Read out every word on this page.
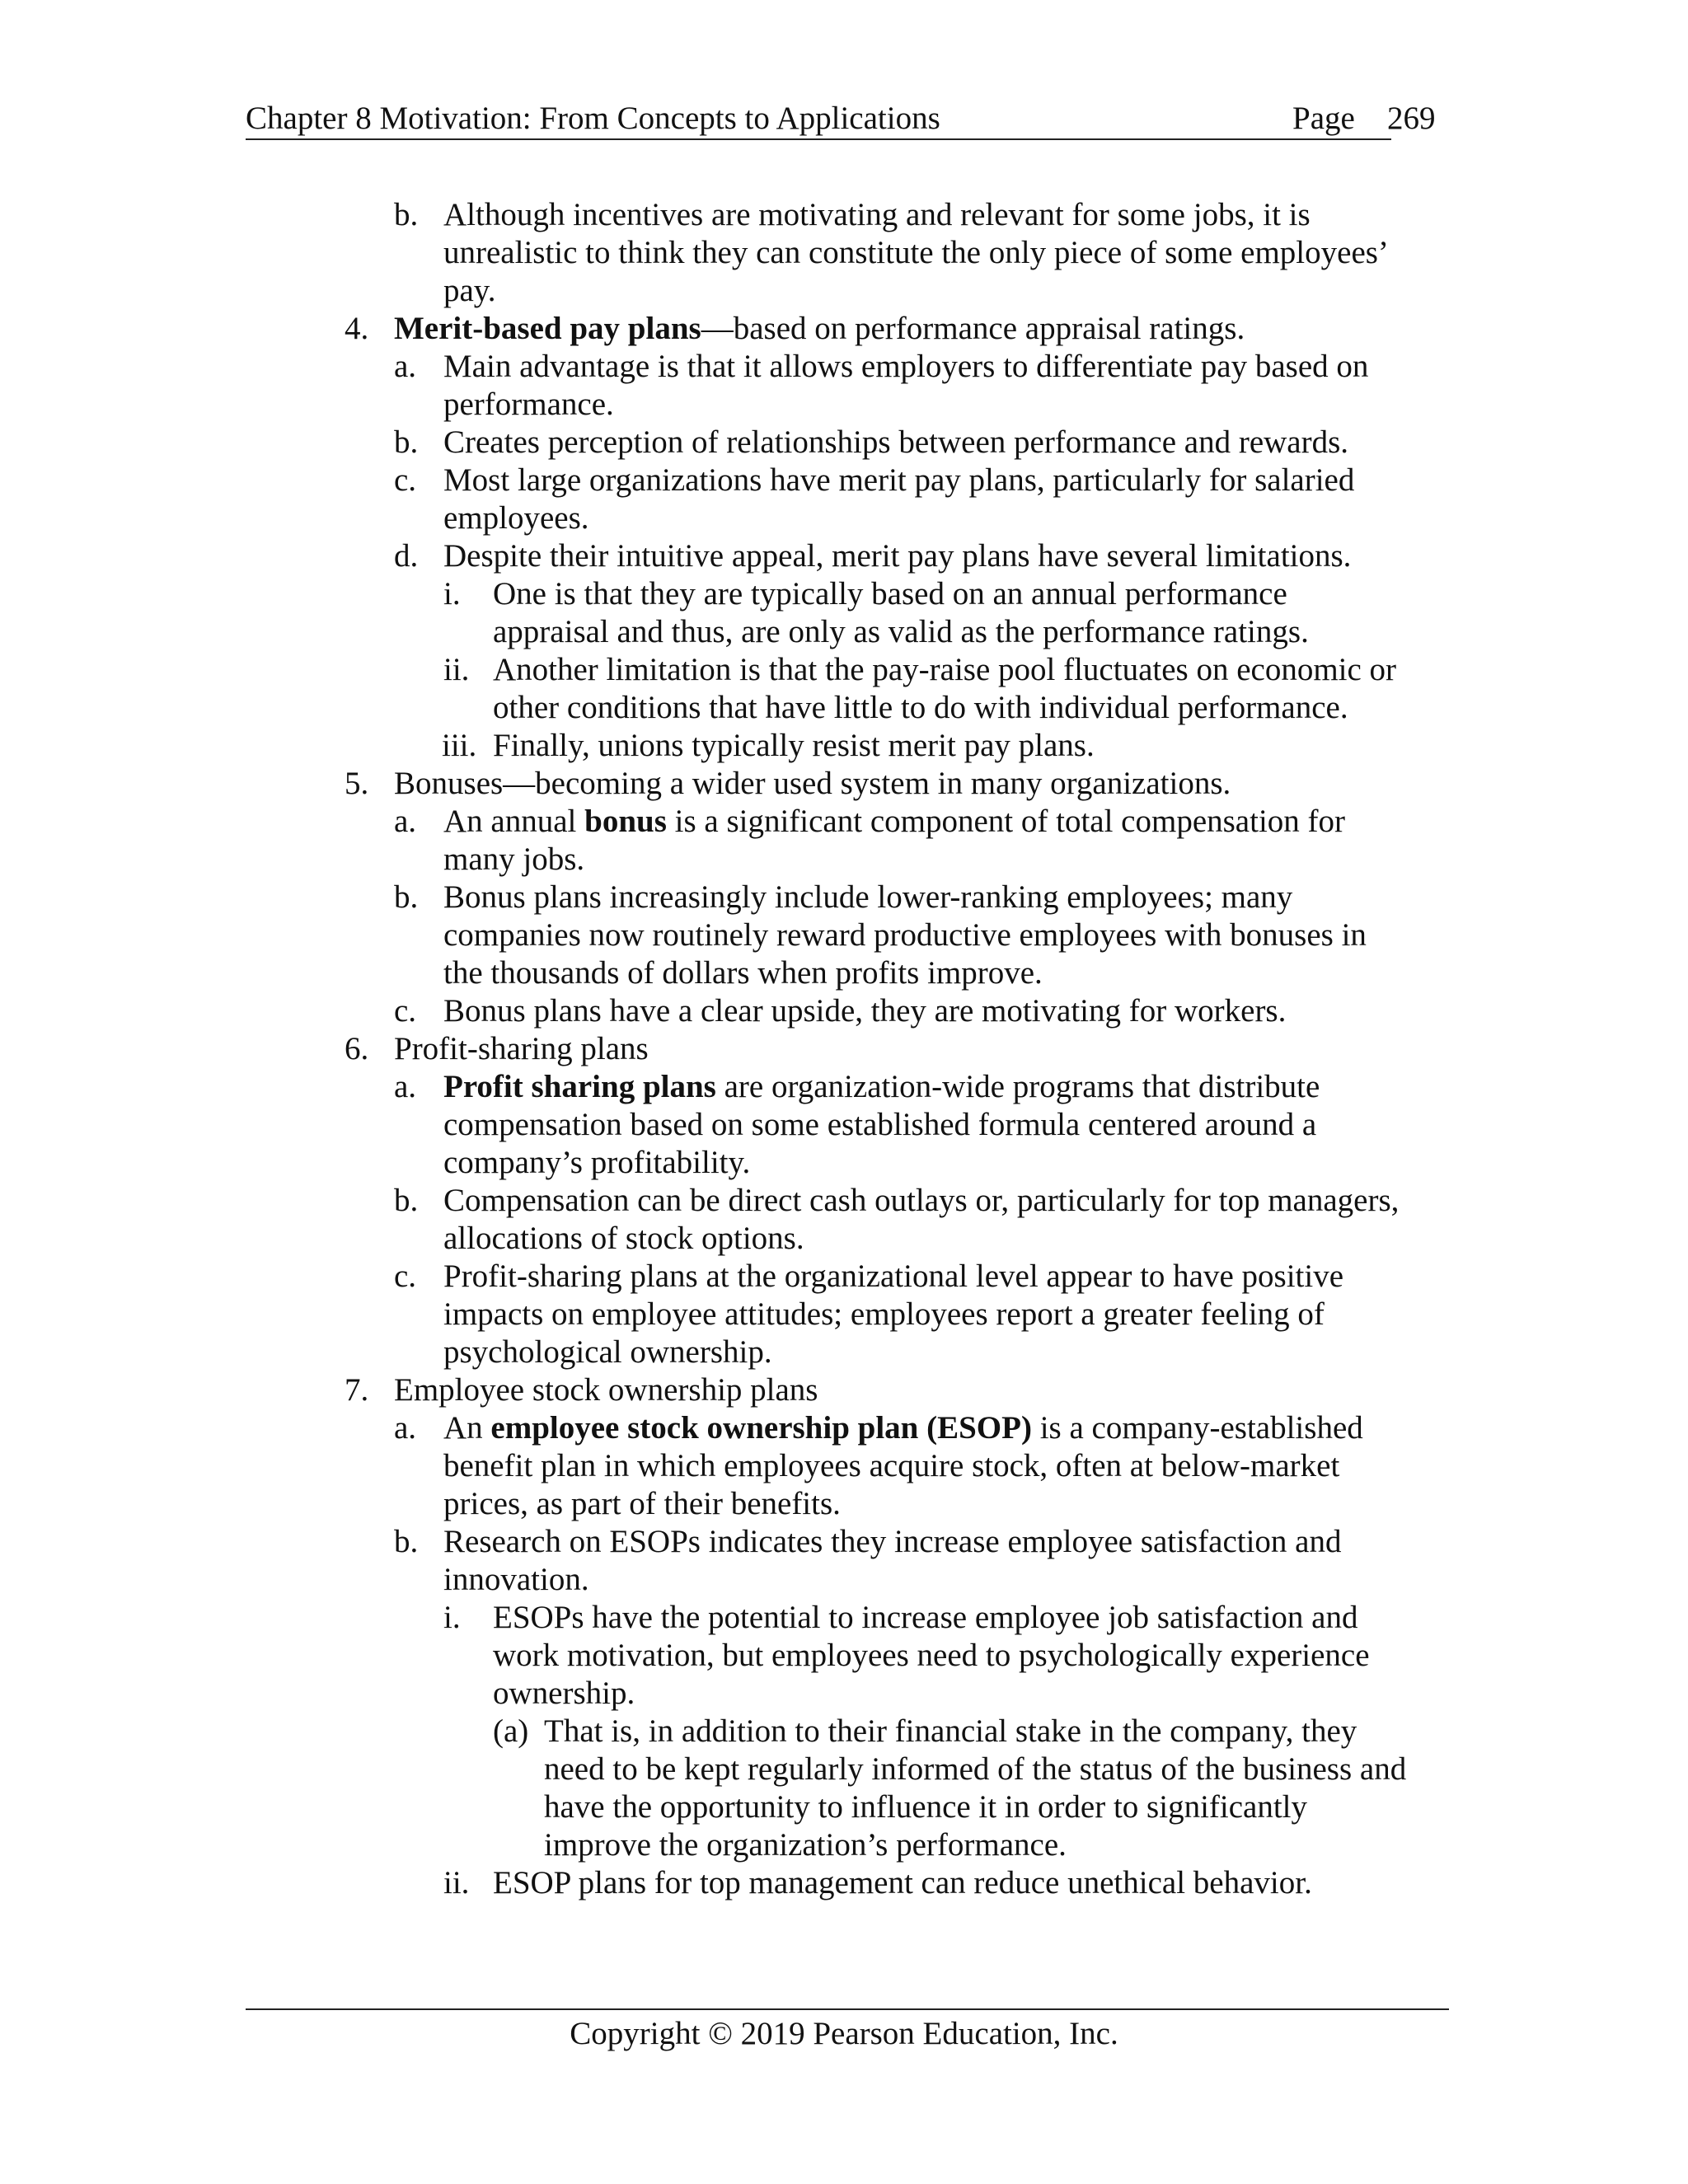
Chapter 8 Motivation: From Concepts to Applications	Page 269
b. Although incentives are motivating and relevant for some jobs, it is
unrealistic to think they can constitute the only piece of some employees’
pay.
4. Merit-based pay plans—based on performance appraisal ratings.
a. Main advantage is that it allows employers to differentiate pay based on
performance.
b. Creates perception of relationships between performance and rewards.
c. Most large organizations have merit pay plans, particularly for salaried
employees.
d. Despite their intuitive appeal, merit pay plans have several limitations.
i. One is that they are typically based on an annual performance
appraisal and thus, are only as valid as the performance ratings.
ii. Another limitation is that the pay-raise pool fluctuates on economic or
other conditions that have little to do with individual performance.
iii. Finally, unions typically resist merit pay plans.
5. Bonuses—becoming a wider used system in many organizations.
a. An annual bonus is a significant component of total compensation for
many jobs.
b. Bonus plans increasingly include lower-ranking employees; many
companies now routinely reward productive employees with bonuses in
the thousands of dollars when profits improve.
c. Bonus plans have a clear upside, they are motivating for workers.
6. Profit-sharing plans
a. Profit sharing plans are organization-wide programs that distribute
compensation based on some established formula centered around a
company’s profitability.
b. Compensation can be direct cash outlays or, particularly for top managers,
allocations of stock options.
c. Profit-sharing plans at the organizational level appear to have positive
impacts on employee attitudes; employees report a greater feeling of
psychological ownership.
7. Employee stock ownership plans
a. An employee stock ownership plan (ESOP) is a company-established
benefit plan in which employees acquire stock, often at below-market
prices, as part of their benefits.
b. Research on ESOPs indicates they increase employee satisfaction and
innovation.
i. ESOPs have the potential to increase employee job satisfaction and
work motivation, but employees need to psychologically experience
ownership.
(a) That is, in addition to their financial stake in the company, they
need to be kept regularly informed of the status of the business and
have the opportunity to influence it in order to significantly
improve the organization’s performance.
ii. ESOP plans for top management can reduce unethical behavior.
Copyright © 2019 Pearson Education, Inc.
